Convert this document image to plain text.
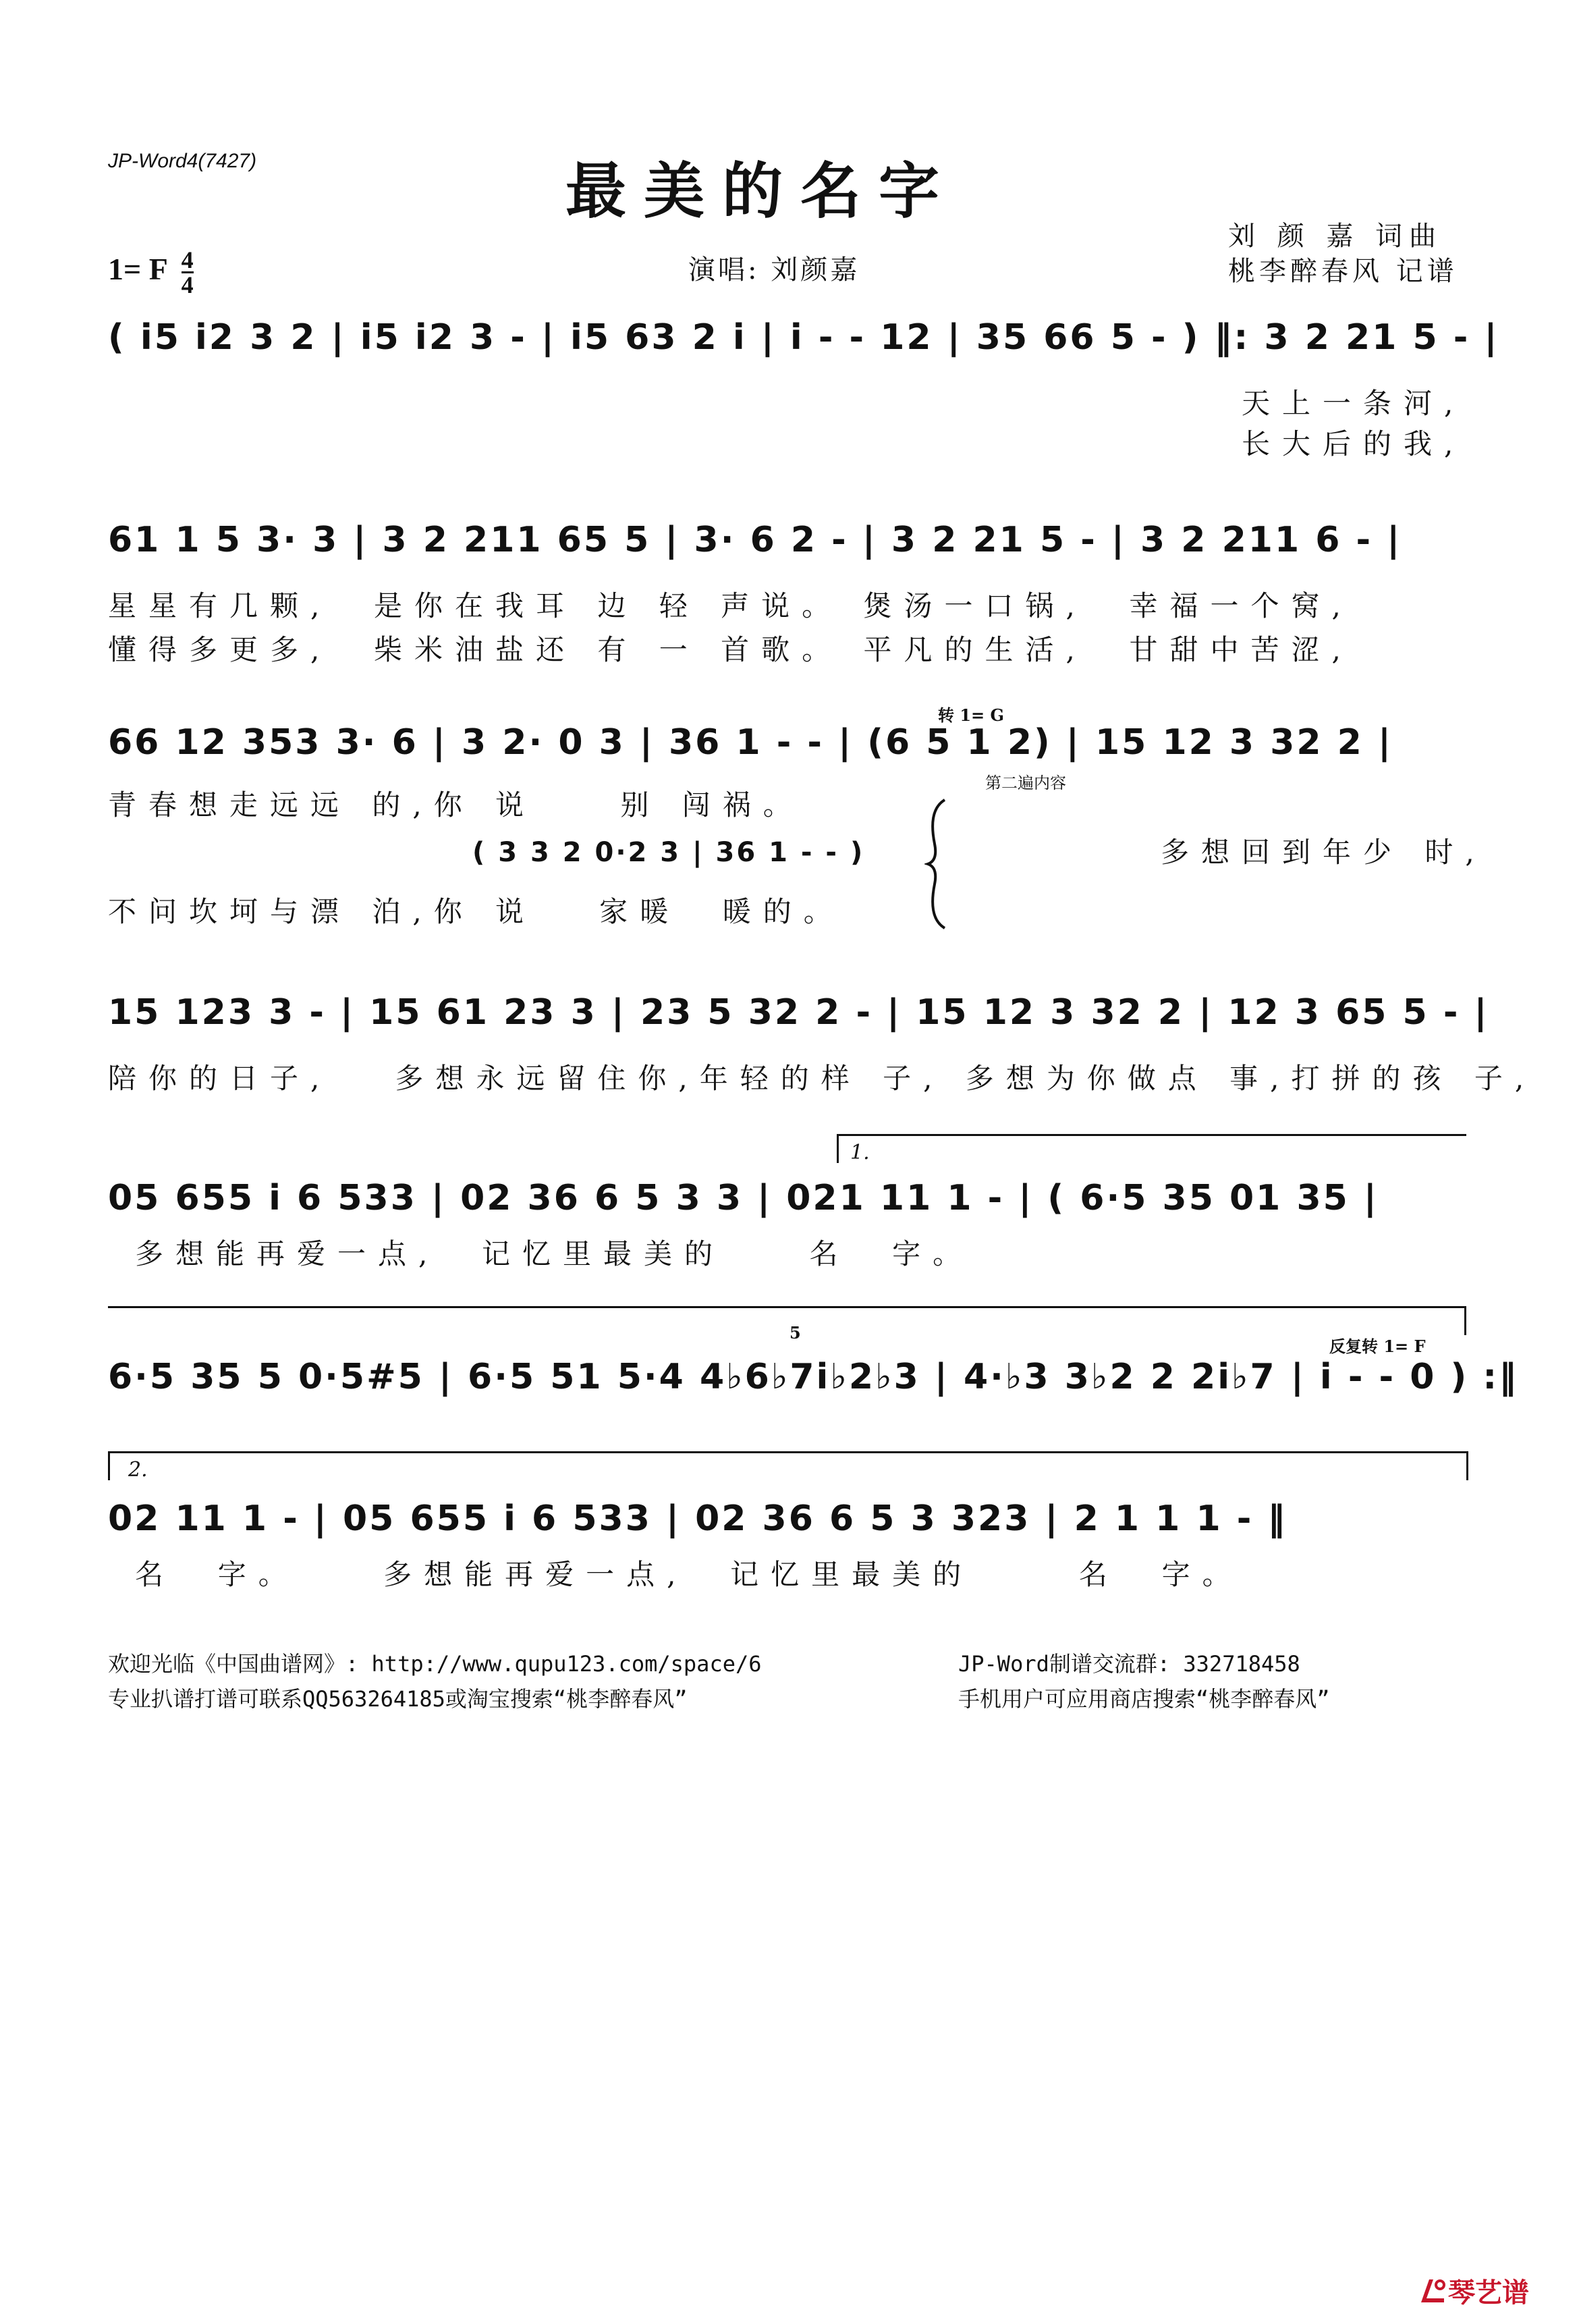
JP-Word4(7427)	最美的名字
刘 颜 嘉 词曲
桃李醉春风 记谱
演唱: 刘颜嘉
1= F $\frac{4}{4}$
( i5 i2 3 2 | i5 i2 3 - | i5 63 2 i | i - - 12 | 35 66 5 - ) ‖: 3 2 21 5 - |
天上一条河,
长大后的我,
61 1 5 3· 3 | 3 2 211 65 5 | 3· 6 2 - | 3 2 21 5 - | 3 2 211 6 - |
星星有几颗,  是你在我耳 边 轻 声说。 煲汤一口锅,  幸福一个窝,
懂得多更多,  柴米油盐还 有 一 首歌。 平凡的生活,  甘甜中苦涩,
转 1= G
66 12 353 3· 6 | 3 2· 0 3 | 36 1 - - | (6 5 1 2) | 15 12 3 32 2 |
第二遍内容
青春想走远远 的,你 说    别 闯祸。
( 3 3 2 0·2 3 | 36 1 - - )	多想回到年少 时,
不问坎坷与漂 泊,你 说   家暖  暖的。
15 123 3 - | 15 61 23 3 | 23 5 32 2 - | 15 12 3 32 2 | 12 3 65 5 - |
陪你的日子,   多想永远留住你,年轻的样 子, 多想为你做点 事,打拼的孩 子,
1.
05 655 i 6 533 | 02 36 6 5 3 3 | 021 11 1 - | ( 6·5 35 01 35 |
多想能再爱一点,  记忆里最美的    名  字。
5
反复转 1= F
6·5 35 5 0·5#5 | 6·5 51 5·4 4♭6♭7i♭2♭3 | 4·♭3 3♭2 2 2i♭7 | i - - 0 ) :‖
2.
02 11 1 - | 05 655 i 6 533 | 02 36 6 5 3 323 | 2 1 1 1 - ‖
名  字。    多想能再爱一点,  记忆里最美的     名  字。
欢迎光临《中国曲谱网》: http://www.qupu123.com/space/6	JP-Word制谱交流群: 332718458
专业扒谱打谱可联系QQ563264185或淘宝搜索“桃李醉春风”	手机用户可应用商店搜索“桃李醉春风”
琴艺谱
